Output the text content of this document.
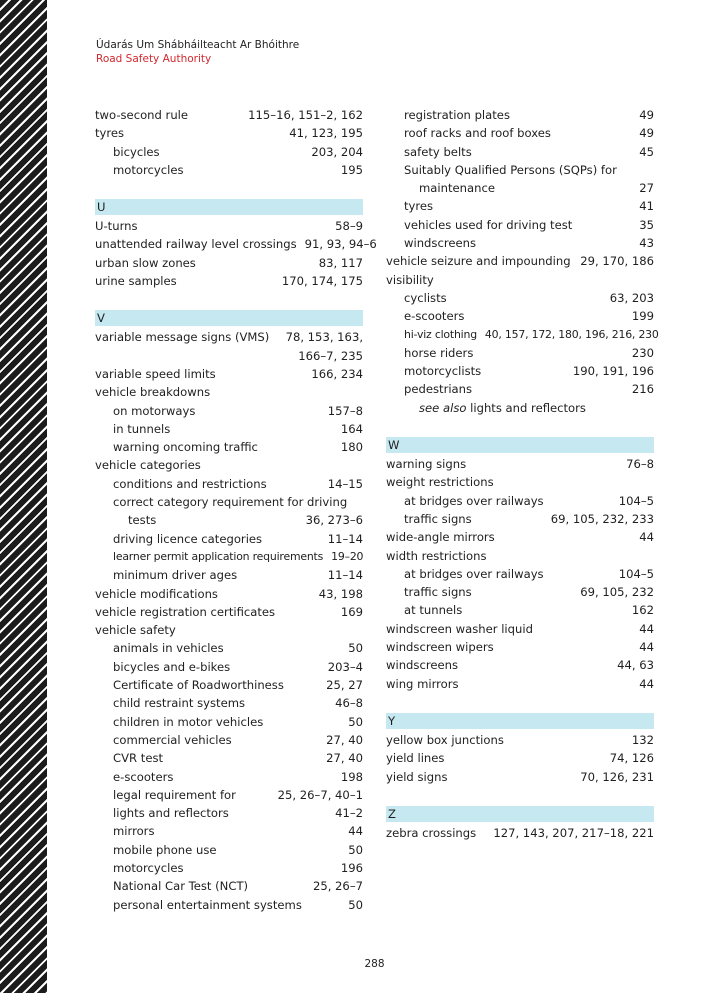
Údarás Um Shábháilteacht Ar Bhóithre
Road Safety Authority
two-second rule	115–16, 151–2, 162
tyres	41, 123, 195
bicycles	203, 204
motorcycles	195
U
U-turns	58–9
unattended railway level crossings 91, 93, 94–6
urban slow zones	83, 117
urine samples	170, 174, 175
V
variable message signs (VMS) 78, 153, 163,
166–7, 235
variable speed limits	166, 234
vehicle breakdowns
on motorways	157–8
in tunnels	164
warning oncoming traffic	180
vehicle categories
conditions and restrictions	14–15
correct category requirement for driving
tests	36, 273–6
driving licence categories	11–14
learner permit application requirements 19–20
minimum driver ages	11–14
vehicle modifications	43, 198
vehicle registration certificates	169
vehicle safety
animals in vehicles	50
bicycles and e-bikes	203–4
Certificate of Roadworthiness	25, 27
child restraint systems	46–8
children in motor vehicles	50
commercial vehicles	27, 40
CVR test	27, 40
e-scooters	198
legal requirement for	25, 26–7, 40–1
lights and reflectors	41–2
mirrors	44
mobile phone use	50
motorcycles	196
National Car Test (NCT)	25, 26–7
personal entertainment systems	50
registration plates	49
roof racks and roof boxes	49
safety belts	45
Suitably Qualified Persons (SQPs) for
maintenance	27
tyres	41
vehicles used for driving test	35
windscreens	43
vehicle seizure and impounding 29, 170, 186
visibility
cyclists	63, 203
e-scooters	199
hi-viz clothing 40, 157, 172, 180, 196, 216, 230
horse riders	230
motorcyclists	190, 191, 196
pedestrians	216
see also lights and reflectors
W
warning signs	76–8
weight restrictions
at bridges over railways	104–5
traffic signs	69, 105, 232, 233
wide-angle mirrors	44
width restrictions
at bridges over railways	104–5
traffic signs	69, 105, 232
at tunnels	162
windscreen washer liquid	44
windscreen wipers	44
windscreens	44, 63
wing mirrors	44
Y
yellow box junctions	132
yield lines	74, 126
yield signs	70, 126, 231
Z
zebra crossings 127, 143, 207, 217–18, 221
288
